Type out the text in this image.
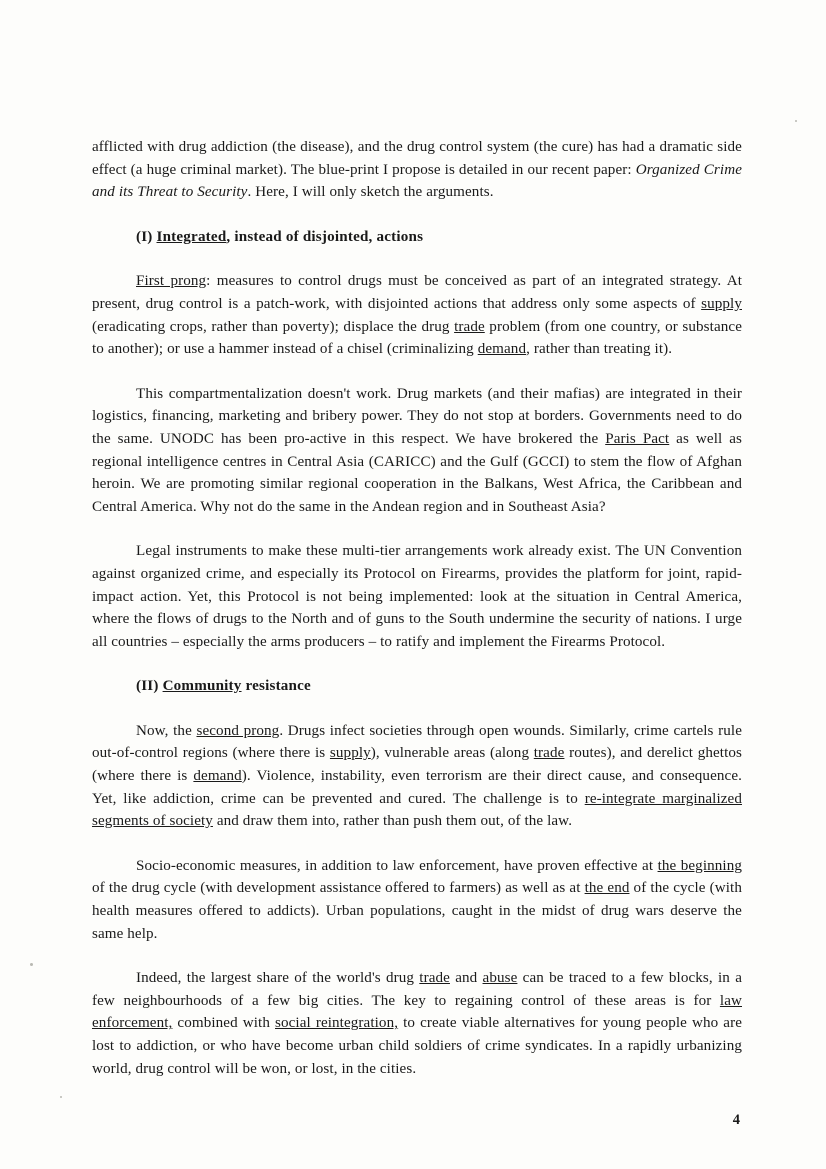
afflicted with drug addiction (the disease), and the drug control system (the cure) has had a dramatic side effect (a huge criminal market). The blue-print I propose is detailed in our recent paper: Organized Crime and its Threat to Security. Here, I will only sketch the arguments.

(I) Integrated, instead of disjointed, actions

First prong: measures to control drugs must be conceived as part of an integrated strategy. At present, drug control is a patch-work, with disjointed actions that address only some aspects of supply (eradicating crops, rather than poverty); displace the drug trade problem (from one country, or substance to another); or use a hammer instead of a chisel (criminalizing demand, rather than treating it).

This compartmentalization doesn't work. Drug markets (and their mafias) are integrated in their logistics, financing, marketing and bribery power. They do not stop at borders. Governments need to do the same. UNODC has been pro-active in this respect. We have brokered the Paris Pact as well as regional intelligence centres in Central Asia (CARICC) and the Gulf (GCCI) to stem the flow of Afghan heroin. We are promoting similar regional cooperation in the Balkans, West Africa, the Caribbean and Central America. Why not do the same in the Andean region and in Southeast Asia?

Legal instruments to make these multi-tier arrangements work already exist. The UN Convention against organized crime, and especially its Protocol on Firearms, provides the platform for joint, rapid-impact action. Yet, this Protocol is not being implemented: look at the situation in Central America, where the flows of drugs to the North and of guns to the South undermine the security of nations. I urge all countries – especially the arms producers – to ratify and implement the Firearms Protocol.

(II) Community resistance

Now, the second prong. Drugs infect societies through open wounds. Similarly, crime cartels rule out-of-control regions (where there is supply), vulnerable areas (along trade routes), and derelict ghettos (where there is demand). Violence, instability, even terrorism are their direct cause, and consequence. Yet, like addiction, crime can be prevented and cured. The challenge is to re-integrate marginalized segments of society and draw them into, rather than push them out, of the law.

Socio-economic measures, in addition to law enforcement, have proven effective at the beginning of the drug cycle (with development assistance offered to farmers) as well as at the end of the cycle (with health measures offered to addicts). Urban populations, caught in the midst of drug wars deserve the same help.

Indeed, the largest share of the world's drug trade and abuse can be traced to a few blocks, in a few neighbourhoods of a few big cities. The key to regaining control of these areas is for law enforcement, combined with social reintegration, to create viable alternatives for young people who are lost to addiction, or who have become urban child soldiers of crime syndicates. In a rapidly urbanizing world, drug control will be won, or lost, in the cities.

4
